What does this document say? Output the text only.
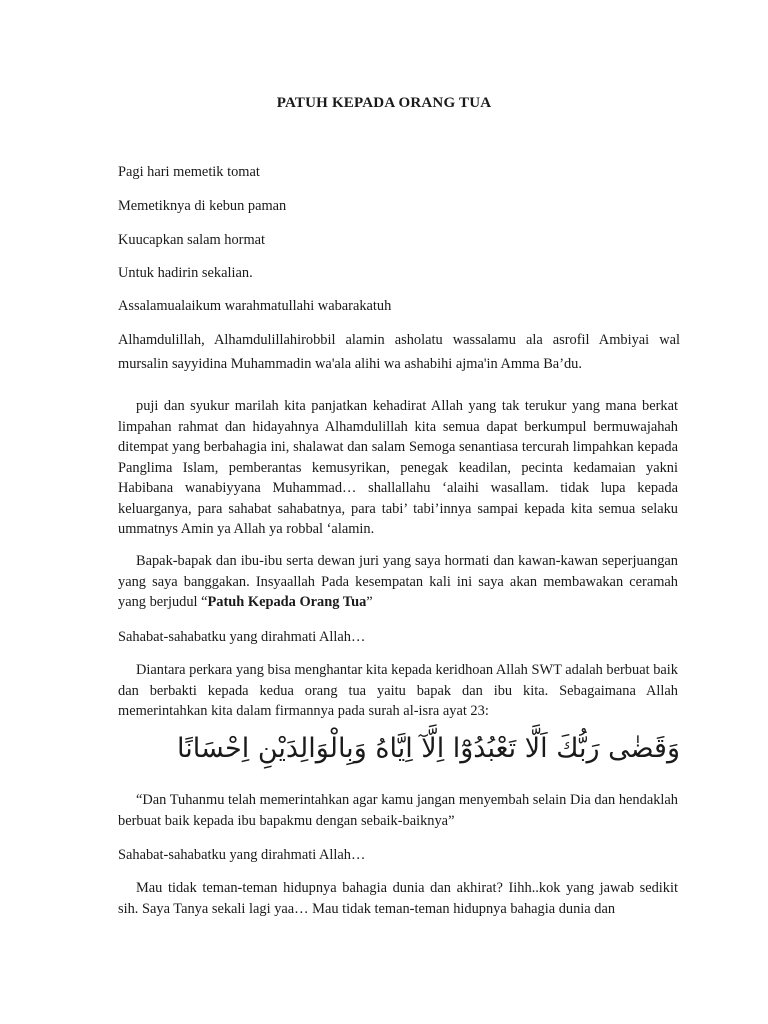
PATUH KEPADA ORANG TUA
Pagi hari memetik tomat
Memetiknya di kebun paman
Kuucapkan salam hormat
Untuk hadirin sekalian.
Assalamualaikum warahmatullahi wabarakatuh
Alhamdulillah, Alhamdulillahirobbil alamin asholatu wassalamu ala asrofil Ambiyai wal
mursalin sayyidina Muhammadin wa'ala alihi wa ashabihi ajma'in Amma Ba’du.
puji dan syukur marilah kita panjatkan kehadirat Allah yang tak terukur yang mana berkat limpahan rahmat dan hidayahnya Alhamdulillah kita semua dapat berkumpul bermuwajahah ditempat yang berbahagia ini, shalawat dan salam Semoga senantiasa tercurah limpahkan kepada Panglima Islam, pemberantas kemusyrikan, penegak keadilan, pecinta kedamaian yakni Habibana wanabiyyana Muhammad… shallallahu ‘alaihi wasallam. tidak lupa kepada keluarganya, para sahabat sahabatnya, para tabi’ tabi’innya sampai kepada kita semua selaku ummatnys Amin ya Allah ya robbal ‘alamin.
Bapak-bapak dan ibu-ibu serta dewan juri yang saya hormati dan kawan-kawan seperjuangan yang saya banggakan. Insyaallah Pada kesempatan kali ini saya akan membawakan ceramah yang berjudul “Patuh Kepada Orang Tua”
Sahabat-sahabatku yang dirahmati Allah…
Diantara perkara yang bisa menghantar kita kepada keridhoan Allah SWT adalah berbuat baik dan berbakti kepada kedua orang tua yaitu bapak dan ibu kita. Sebagaimana Allah memerintahkan kita dalam firmannya pada surah al-isra ayat 23:
وَقَضٰى رَبُّكَ اَلَّا تَعْبُدُوْٓا اِلَّآ اِيَّاهُ وَبِالْوَالِدَيْنِ اِحْسَانًا
“Dan Tuhanmu telah memerintahkan agar kamu jangan menyembah selain Dia dan hendaklah berbuat baik kepada ibu bapakmu dengan sebaik-baiknya”
Sahabat-sahabatku yang dirahmati Allah…
Mau tidak teman-teman hidupnya bahagia dunia dan akhirat? Iihh..kok yang jawab sedikit sih. Saya Tanya sekali lagi yaa… Mau tidak teman-teman hidupnya bahagia dunia dan
